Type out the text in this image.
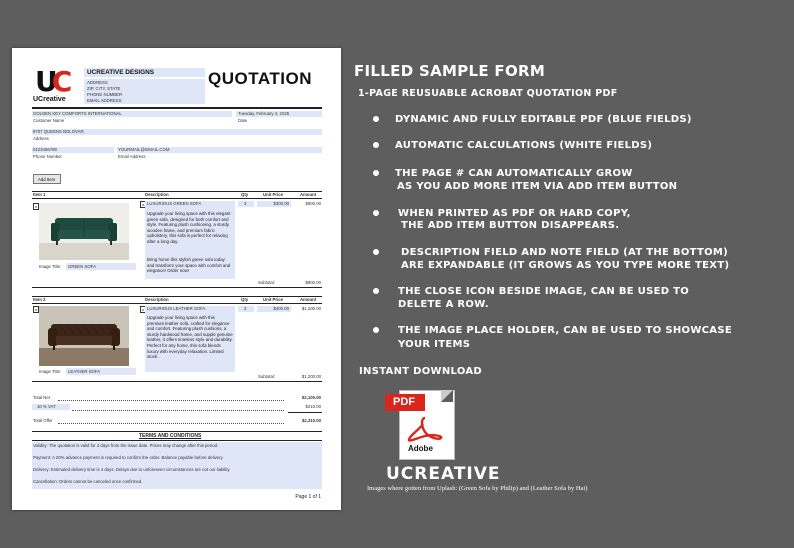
UC
UCreative
UCREATIVE DESIGNS
ADDRESS
ZIP, CITY, STATE
PHONE NUMBER
EMAIL ADDRESS
QUOTATION
GOLDEN KEY COMFORTS INTERNATIONAL
Customer Name
Tuesday, February 4, 2025
Date
8707 QUEENS BOLOVAR,
Address
0123456789
Phone Number
YOURMAIL@GMAIL.COM
Email Address
Add Item
Item 1	Description	Qty	Unit Price	Amount
x
Image Title: GREEN SOFA
x LUXURIOUS GREEN SOFA
Upgrade your living space with this elegant green sofa, designed for both comfort and style. Featuring plush cushioning, a sturdy wooden frame, and premium fabric upholstery, this sofa is perfect for relaxing after a long day.
Bring home this stylish green sofa today and transform your space with comfort and elegance! Order now!
3	$300.00	$900.00
Subtotal:	$900.00
Item 2	Description	Qty	Unit Price	Amount
x
Image Title: LEATHER SOFA
x LUXURIOUS LEATHER SOFA
Upgrade your living space with this premium leather sofa, crafted for elegance and comfort. Featuring plush cushions, a sturdy hardwood frame, and supple genuine leather, it offers timeless style and durability. Perfect for any home, this sofa blends luxury with everyday relaxation. Limited stock.
3	$400.00	$1,200.00
Subtotal:	$1,200.00
Total Net	$2,100.00
10 % VAT	$210.00
Total Offer	$2,310.00
TERMS AND CONDITIONS
Validity: The quotation is valid for 4 days from the issue date. Prices may change after this period.
Payment: A 20% advance payment is required to confirm the order. Balance payable before delivery.
Delivery: Estimated delivery time is 4 days. Delays due to unforeseen circumstances are not our liability.
Cancellation: Orders cannot be canceled once confirmed.
Page 1 of 1
FILLED SAMPLE FORM
1-PAGE REUSUABLE ACROBAT QUOTATION PDF
DYNAMIC AND FULLY EDITABLE PDF (BLUE FIELDS)
AUTOMATIC CALCULATIONS (WHITE FIELDS)
THE PAGE # CAN AUTOMATICALLY GROW
AS YOU ADD MORE ITEM VIA ADD ITEM BUTTON
WHEN PRINTED AS PDF OR HARD COPY,
THE ADD ITEM BUTTON DISAPPEARS.
DESCRIPTION FIELD AND NOTE FIELD (AT THE BOTTOM)
ARE EXPANDABLE (IT GROWS AS YOU TYPE MORE TEXT)
THE CLOSE ICON BESIDE IMAGE, CAN BE USED TO
DELETE A ROW.
THE IMAGE PLACE HOLDER, CAN BE USED TO SHOWCASE
YOUR ITEMS
INSTANT DOWNLOAD
PDF
Adobe
UCREATIVE
Images where gotten from Uplash: (Green Sofa by Philip) and (Leather Sofa by Hai)
